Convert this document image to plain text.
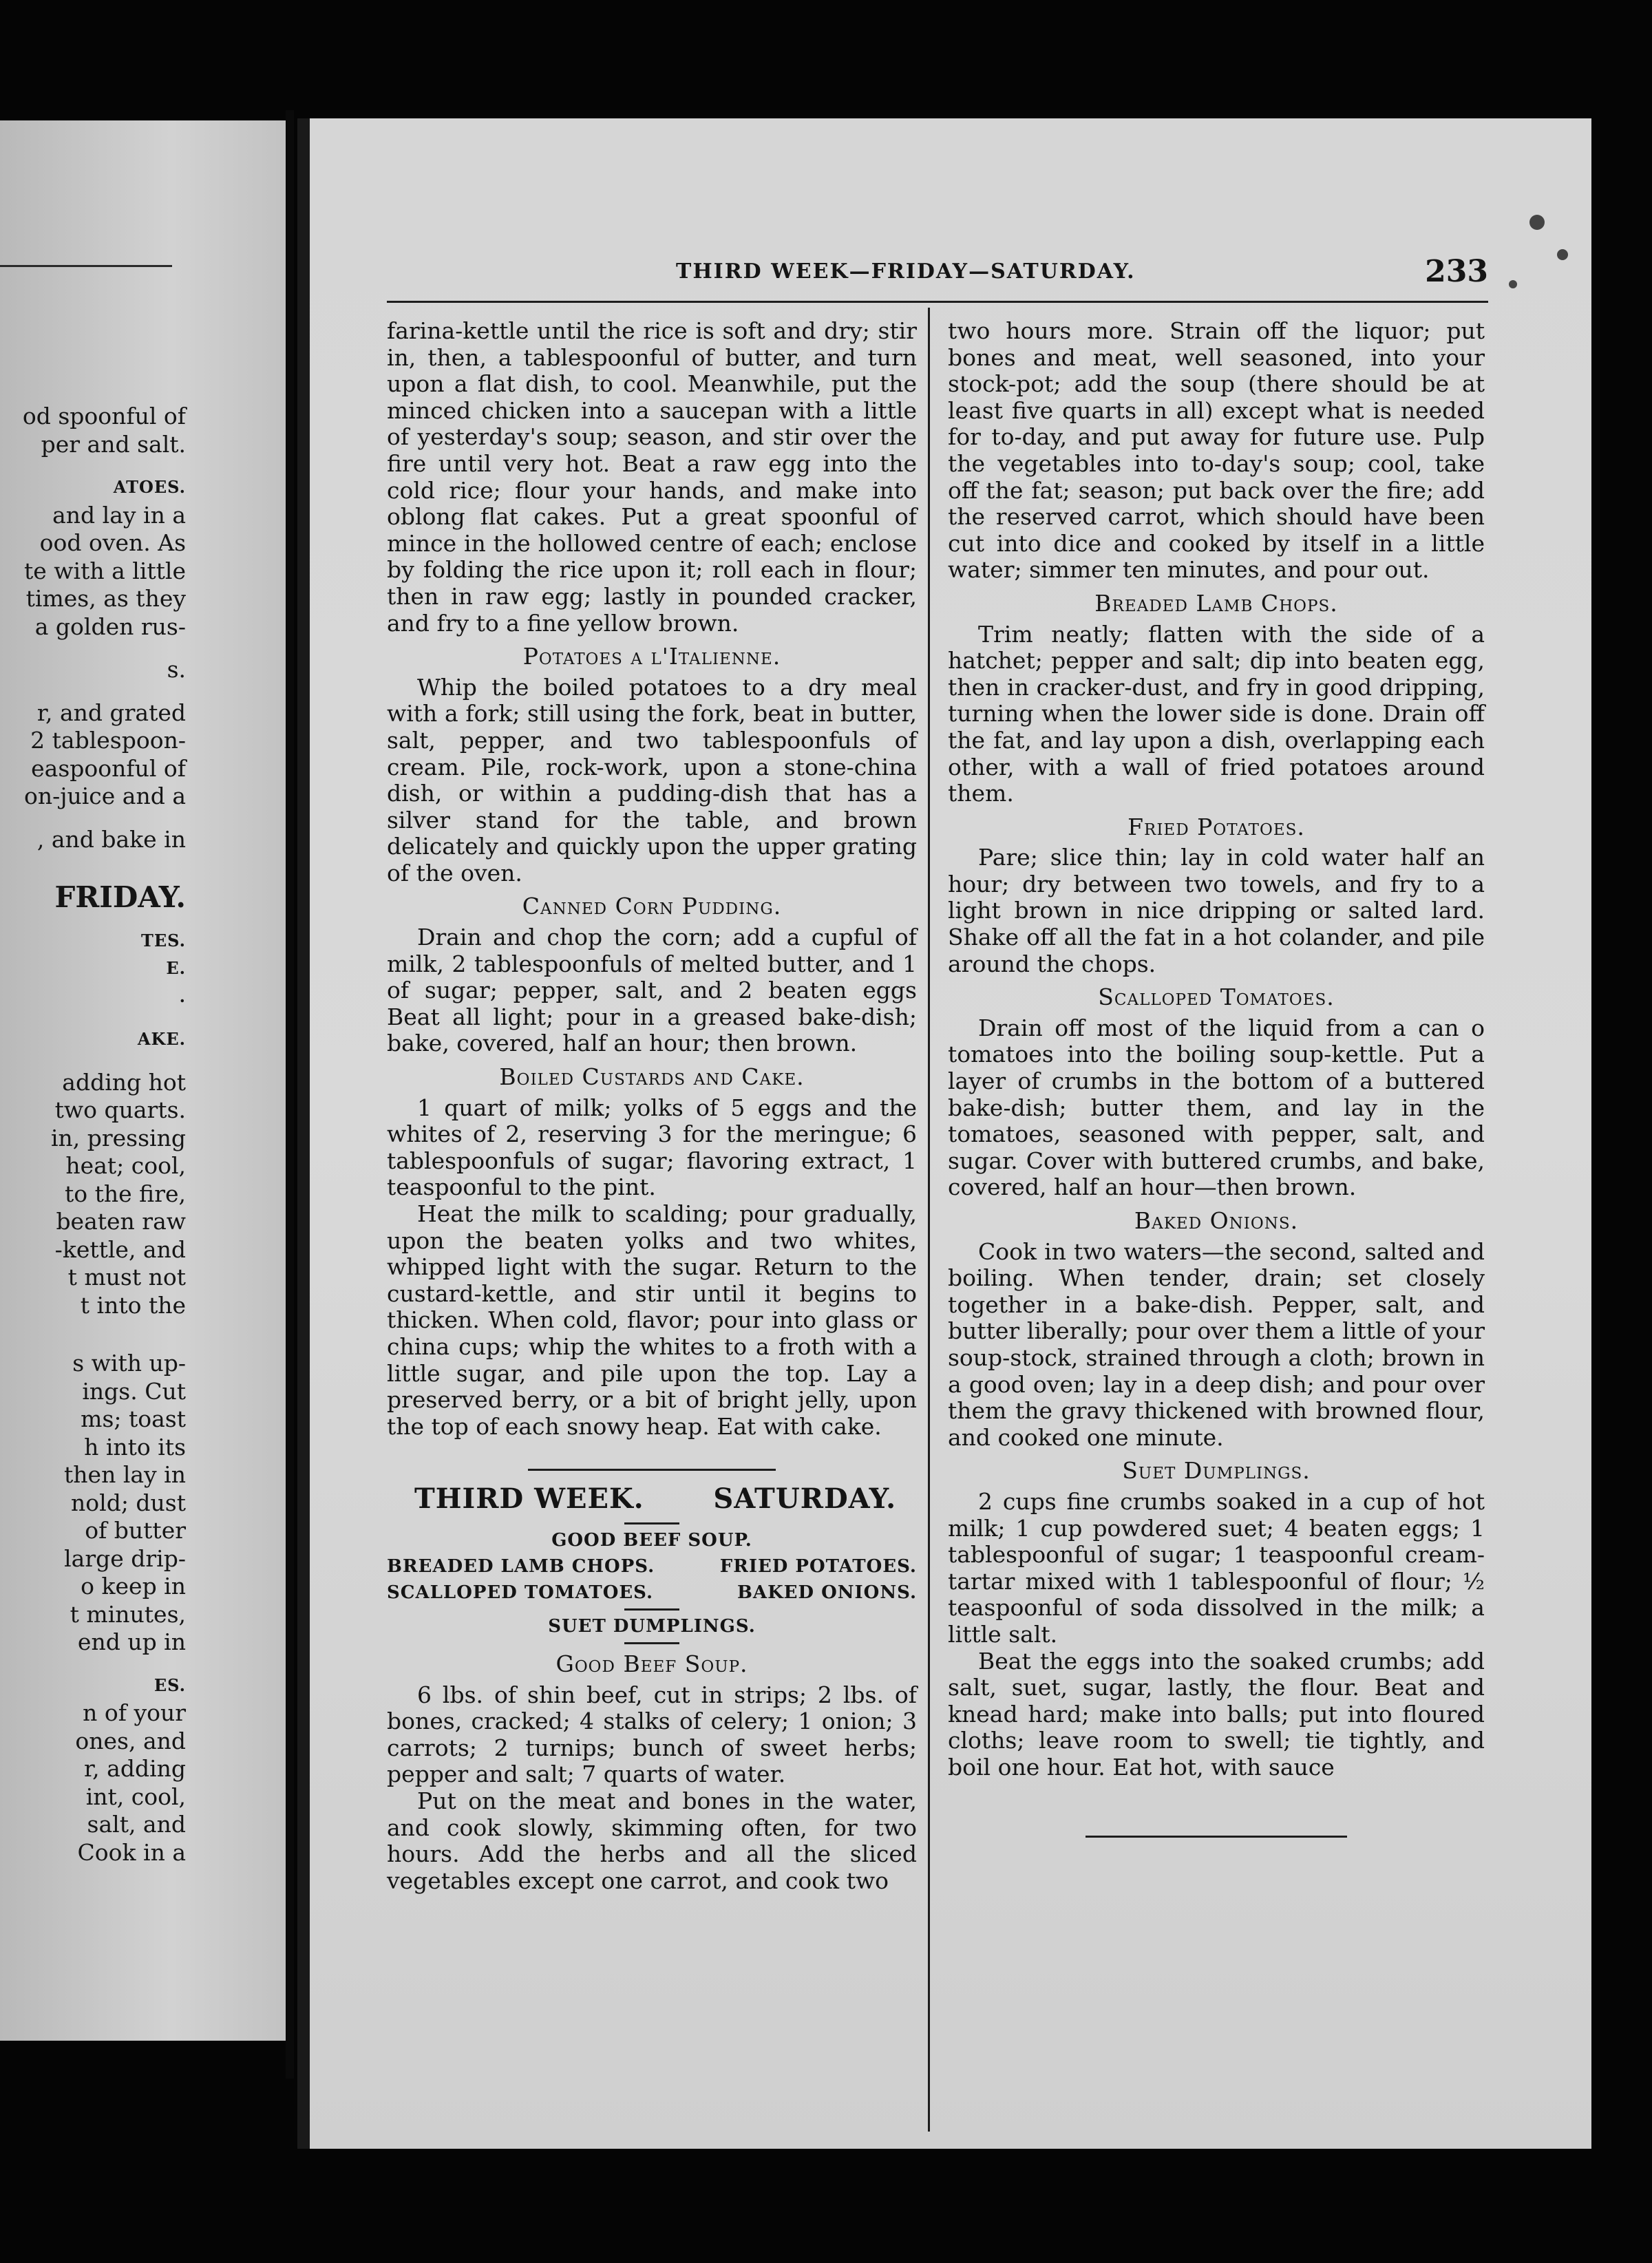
od spoonful of
per and salt.
ATOES.
and lay in a
ood oven. As
te with a little
times, as they
a golden rus-
s.
r, and grated
2 tablespoon-
easpoonful of
on-juice and a
, and bake in
FRIDAY.
TES.
E.
.
AKE.
adding hot
two quarts.
in, pressing
heat; cool,
to the fire,
beaten raw
-kettle, and
t must not
t into the
s with up-
ings. Cut
ms; toast
h into its
then lay in
nold; dust
of butter
large drip-
o keep in
t minutes,
end up in
ES.
n of your
ones, and
r, adding
int, cool,
salt, and
Cook in a
THIRD WEEK—FRIDAY—SATURDAY.	233

farina-kettle until the rice is soft and dry; stir in, then, a tablespoonful of butter, and turn upon a flat dish, to cool. Meanwhile, put the minced chicken into a saucepan with a little of yesterday's soup; season, and stir over the fire until very hot. Beat a raw egg into the cold rice; flour your hands, and make into oblong flat cakes. Put a great spoonful of mince in the hollowed centre of each; enclose by folding the rice upon it; roll each in flour; then in raw egg; lastly in pounded cracker, and fry to a fine yellow brown.

Potatoes a l'Italienne.

Whip the boiled potatoes to a dry meal with a fork; still using the fork, beat in butter, salt, pepper, and two tablespoonfuls of cream. Pile, rock-work, upon a stone-china dish, or within a pudding-dish that has a silver stand for the table, and brown delicately and quickly upon the upper grating of the oven.

Canned Corn Pudding.

Drain and chop the corn; add a cupful of milk, 2 tablespoonfuls of melted butter, and 1 of sugar; pepper, salt, and 2 beaten eggs Beat all light; pour in a greased bake-dish; bake, covered, half an hour; then brown.

Boiled Custards and Cake.

1 quart of milk; yolks of 5 eggs and the whites of 2, reserving 3 for the meringue; 6 tablespoonfuls of sugar; flavoring extract, 1 teaspoonful to the pint.

Heat the milk to scalding; pour gradually, upon the beaten yolks and two whites, whipped light with the sugar. Return to the custard-kettle, and stir until it begins to thicken. When cold, flavor; pour into glass or china cups; whip the whites to a froth with a little sugar, and pile upon the top. Lay a preserved berry, or a bit of bright jelly, upon the top of each snowy heap. Eat with cake.

THIRD WEEK.	SATURDAY.
GOOD BEEF SOUP.
BREADED LAMB CHOPS.	FRIED POTATOES.
SCALLOPED TOMATOES.	BAKED ONIONS.
SUET DUMPLINGS.
Good Beef Soup.

6 lbs. of shin beef, cut in strips; 2 lbs. of bones, cracked; 4 stalks of celery; 1 onion; 3 carrots; 2 turnips; bunch of sweet herbs; pepper and salt; 7 quarts of water.

Put on the meat and bones in the water, and cook slowly, skimming often, for two hours. Add the herbs and all the sliced vegetables except one carrot, and cook two

two hours more. Strain off the liquor; put bones and meat, well seasoned, into your stock-pot; add the soup (there should be at least five quarts in all) except what is needed for to-day, and put away for future use. Pulp the vegetables into to-day's soup; cool, take off the fat; season; put back over the fire; add the reserved carrot, which should have been cut into dice and cooked by itself in a little water; simmer ten minutes, and pour out.

Breaded Lamb Chops.

Trim neatly; flatten with the side of a hatchet; pepper and salt; dip into beaten egg, then in cracker-dust, and fry in good dripping, turning when the lower side is done. Drain off the fat, and lay upon a dish, overlapping each other, with a wall of fried potatoes around them.

Fried Potatoes.

Pare; slice thin; lay in cold water half an hour; dry between two towels, and fry to a light brown in nice dripping or salted lard. Shake off all the fat in a hot colander, and pile around the chops.

Scalloped Tomatoes.

Drain off most of the liquid from a can o tomatoes into the boiling soup-kettle. Put a layer of crumbs in the bottom of a buttered bake-dish; butter them, and lay in the tomatoes, seasoned with pepper, salt, and sugar. Cover with buttered crumbs, and bake, covered, half an hour—then brown.

Baked Onions.

Cook in two waters—the second, salted and boiling. When tender, drain; set closely together in a bake-dish. Pepper, salt, and butter liberally; pour over them a little of your soup-stock, strained through a cloth; brown in a good oven; lay in a deep dish; and pour over them the gravy thickened with browned flour, and cooked one minute.

Suet Dumplings.

2 cups fine crumbs soaked in a cup of hot milk; 1 cup powdered suet; 4 beaten eggs; 1 tablespoonful of sugar; 1 teaspoonful cream-tartar mixed with 1 tablespoonful of flour; ½ teaspoonful of soda dissolved in the milk; a little salt.

Beat the eggs into the soaked crumbs; add salt, suet, sugar, lastly, the flour. Beat and knead hard; make into balls; put into floured cloths; leave room to swell; tie tightly, and boil one hour. Eat hot, with sauce
